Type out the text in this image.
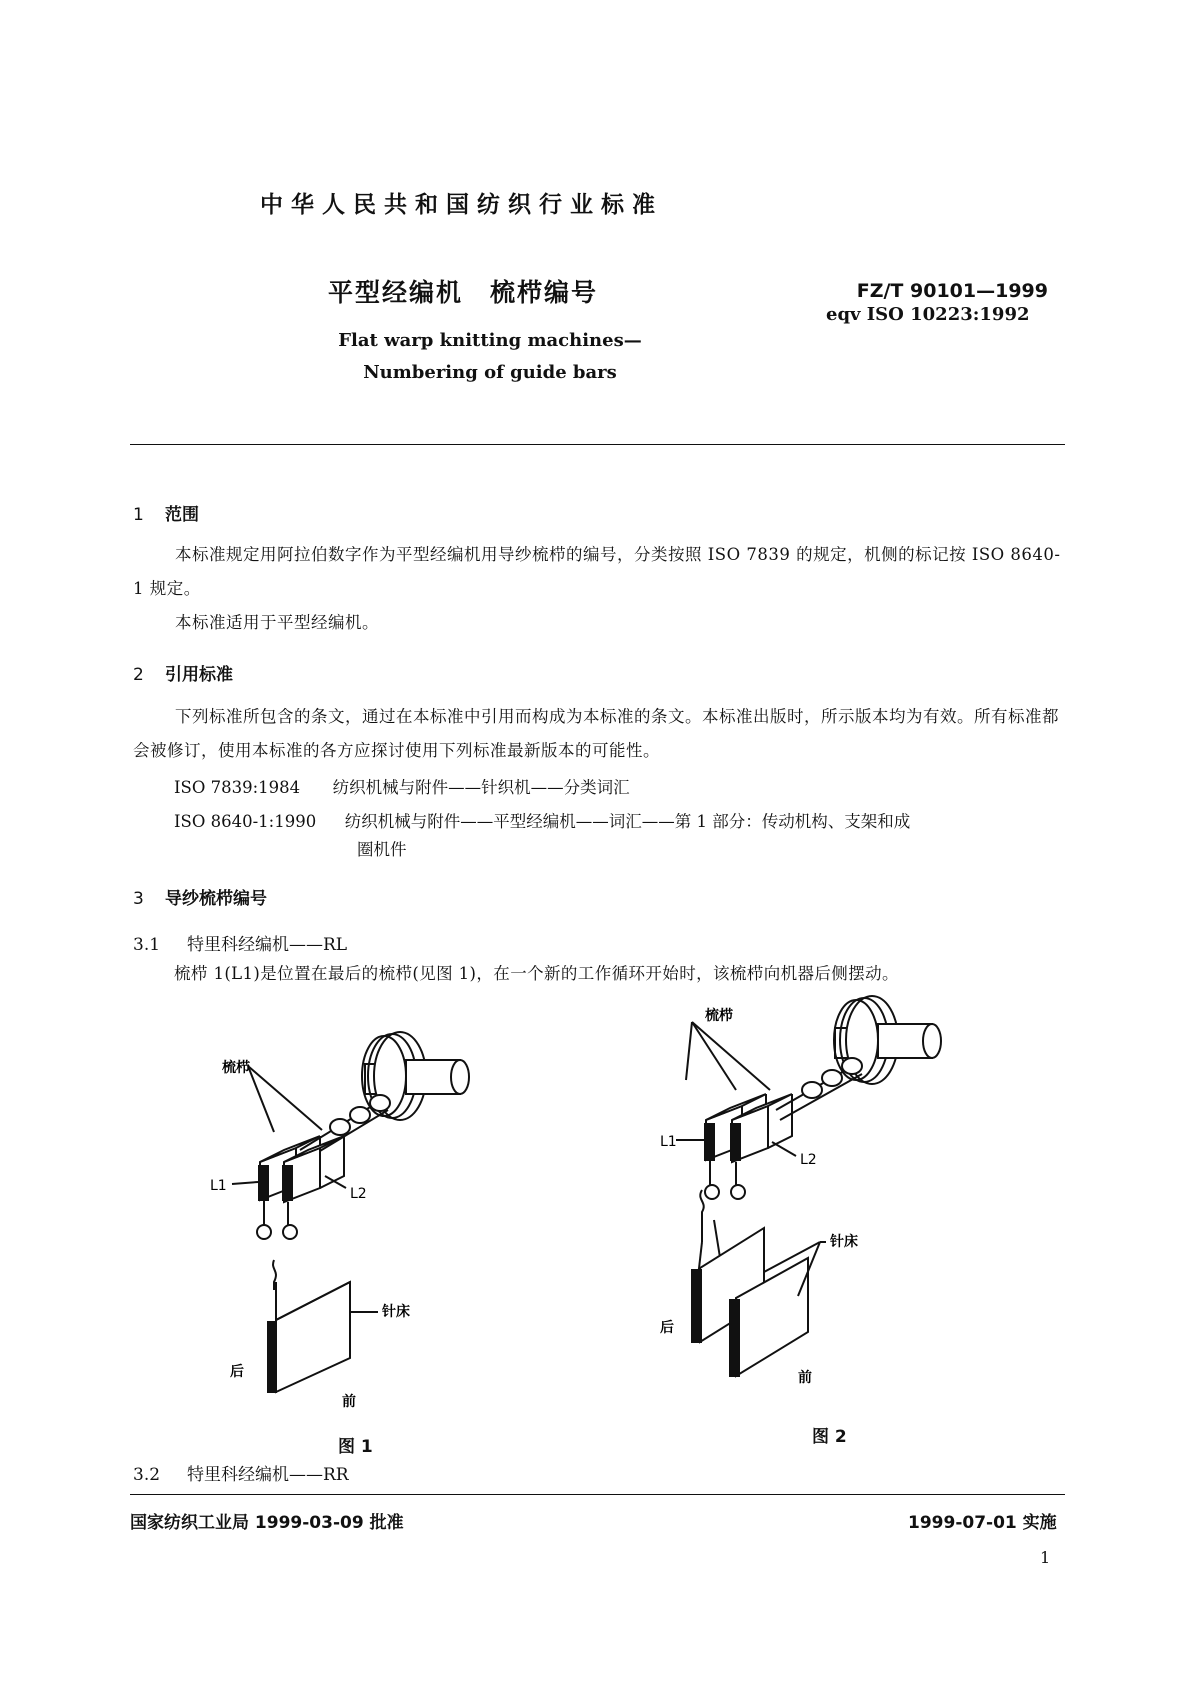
中华人民共和国纺织行业标准
平型经编机　梳栉编号	FZ/T 90101—1999
eqv ISO 10223:1992
Flat warp knitting machines—
Numbering of guide bars
1 范围
本标准规定用阿拉伯数字作为平型经编机用导纱梳栉的编号，分类按照 ISO 7839 的规定，机侧的标记按 ISO 8640-1 规定。
本标准适用于平型经编机。
2 引用标准
下列标准所包含的条文，通过在本标准中引用而构成为本标准的条文。本标准出版时，所示版本均为有效。所有标准都会被修订，使用本标准的各方应探讨使用下列标准最新版本的可能性。
ISO 7839:1984 纺织机械与附件——针织机——分类词汇
ISO 8640-1:1990 纺织机械与附件——平型经编机——词汇——第 1 部分：传动机构、支架和成
圈机件
3 导纱梳栉编号
3.1 特里科经编机——RL
梳栉 1(L1)是位置在最后的梳栉(见图 1)，在一个新的工作循环开始时，该梳栉向机器后侧摆动。
梳栉
L1	L2
针床
后
前
图 1
梳栉
L1
L2
针床
后
前
图 2
3.2 特里科经编机——RR
国家纺织工业局 1999-03-09 批准	1999-07-01 实施
1
